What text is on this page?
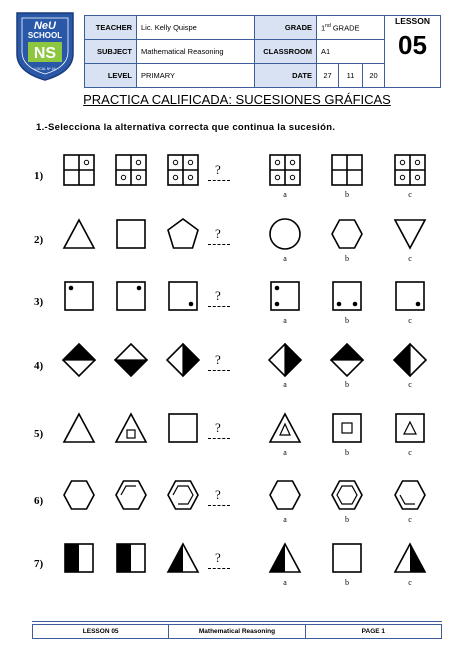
NeU
SCHOOL
NS
LOCAL Nº 16
TEACHER	Lic. Kelly Quispe	GRADE	1nd GRADE			LESSON
05

SUBJECT	Mathematical Reasoning	CLASSROOM	A1			
LEVEL	PRIMARY	DATE	27	11	20	
PRACTICA CALIFICADA: SUCESIONES GRÁFICAS
1.-Selecciona la alternativa correcta que continua la sucesión.
1)	?
a	b	c
2)	?
a	b	c
3)	?
a	b	c
4)	?
a	b	c
5)	?
a	b	c
6)	?
a	b	c
7)	?
a	b	c
LESSON 05	Mathematical Reasoning	PAGE 1
